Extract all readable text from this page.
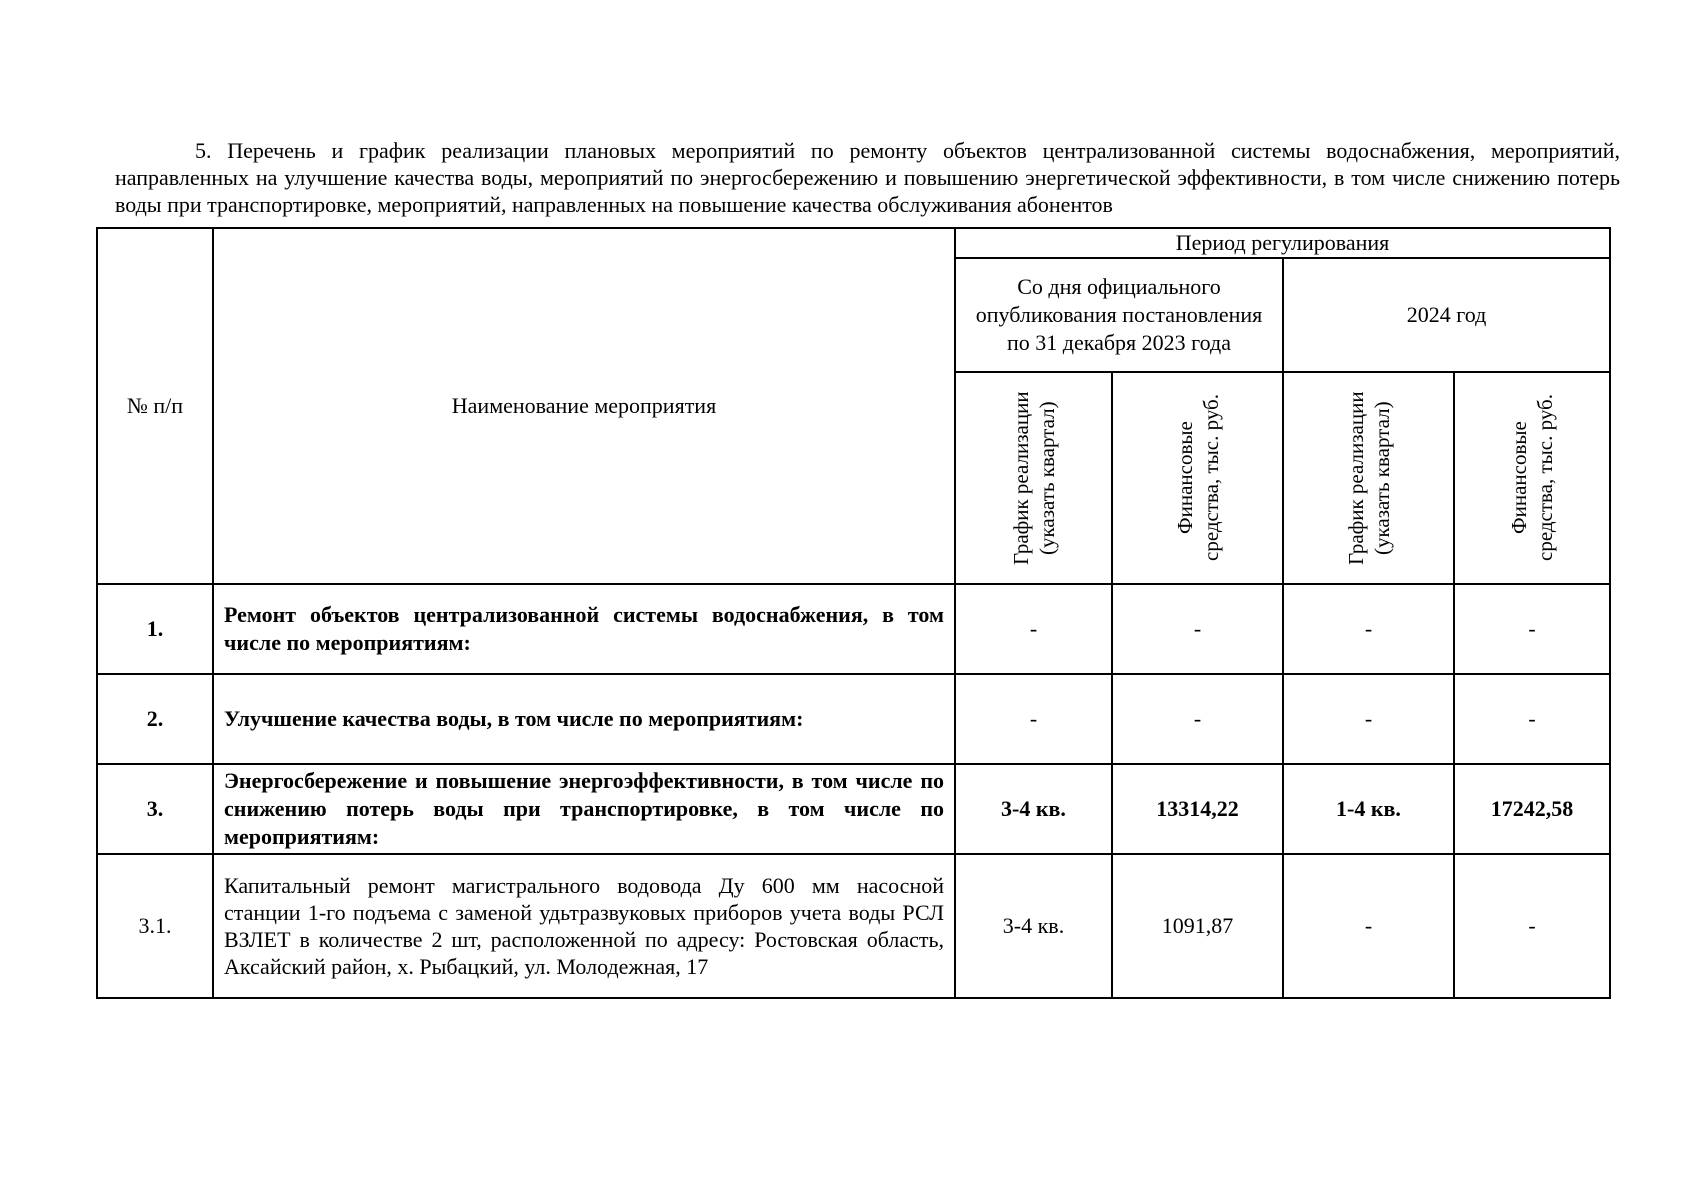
5. Перечень и график реализации плановых мероприятий по ремонту объектов централизованной системы водоснабжения, мероприятий, направленных на улучшение качества воды, мероприятий по энергосбережению и повышению энергетической эффективности, в том числе снижению потерь воды при транспортировке, мероприятий, направленных на повышение качества обслуживания абонентов

№ п/п	Наименование мероприятия	Период регулирования			
		Со дня официального опубликования постановления по 31 декабря 2023 года		2024 год	

		График реализации (указать квартал)	Финансовые средства, тыс. руб.	График реализации (указать квартал)	Финансовые средства, тыс. руб.

1.	Ремонт объектов централизованной системы водоснабжения, в том числе по мероприятиям:	-	-	-	-
2.	Улучшение качества воды, в том числе по мероприятиям:	-	-	-	-
3.	Энергосбережение и повышение энергоэффективности, в том числе по снижению потерь воды при транспортировке, в том числе по мероприятиям:	3-4 кв.	13314,22	1-4 кв.	17242,58
3.1.	Капитальный ремонт магистрального водовода Ду 600 мм насосной станции 1-го подъема с заменой удьтразвуковых приборов учета воды РСЛ ВЗЛЕТ в количестве 2 шт, расположенной по адресу: Ростовская область, Аксайский район, х. Рыбацкий, ул. Молодежная, 17	3-4 кв.	1091,87	-	-
